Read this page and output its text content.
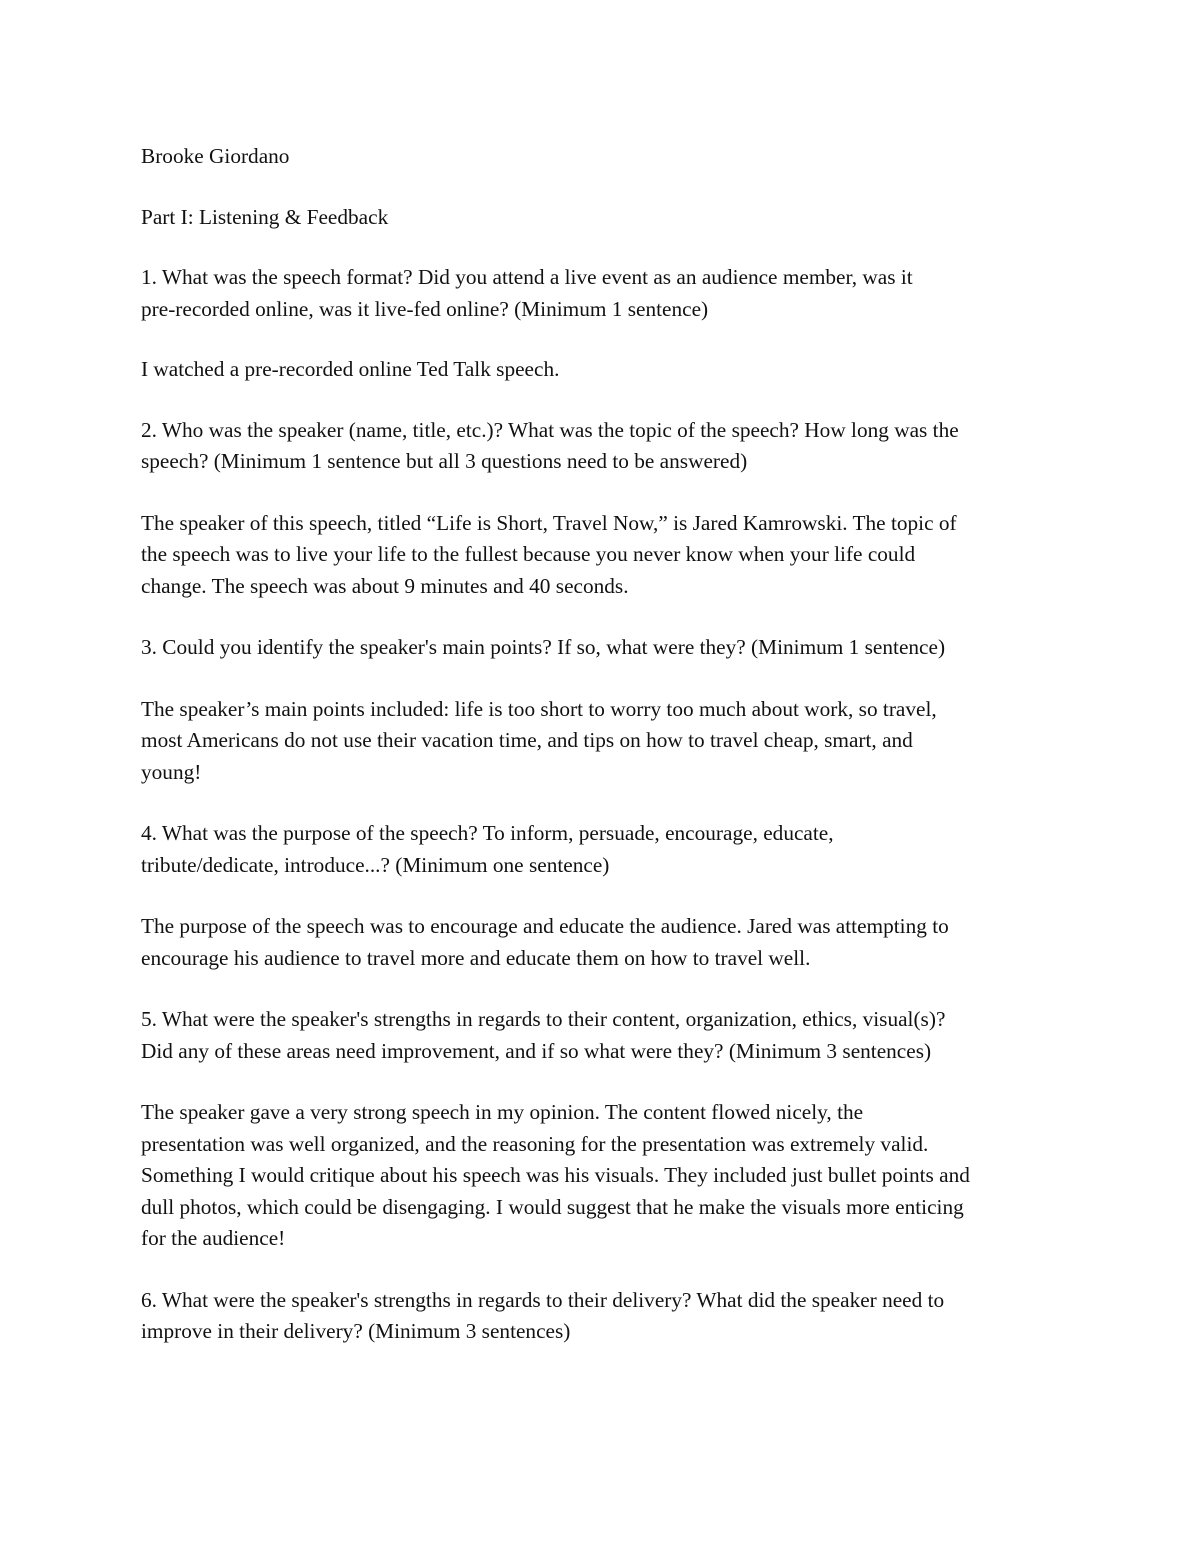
Brooke Giordano

Part I: Listening & Feedback

1. What was the speech format? Did you attend a live event as an audience member, was it
pre-recorded online, was it live-fed online? (Minimum 1 sentence)

I watched a pre-recorded online Ted Talk speech.

2. Who was the speaker (name, title, etc.)? What was the topic of the speech? How long was the
speech? (Minimum 1 sentence but all 3 questions need to be answered)
The speaker of this speech, titled “Life is Short, Travel Now,” is Jared Kamrowski. The topic of
the speech was to live your life to the fullest because you never know when your life could
change. The speech was about 9 minutes and 40 seconds.

3. Could you identify the speaker's main points? If so, what were they? (Minimum 1 sentence)

The speaker’s main points included: life is too short to worry too much about work, so travel,
most Americans do not use their vacation time, and tips on how to travel cheap, smart, and
young!
4. What was the purpose of the speech? To inform, persuade, encourage, educate,
tribute/dedicate, introduce...? (Minimum one sentence)
The purpose of the speech was to encourage and educate the audience. Jared was attempting to
encourage his audience to travel more and educate them on how to travel well.
5. What were the speaker's strengths in regards to their content, organization, ethics, visual(s)?
Did any of these areas need improvement, and if so what were they? (Minimum 3 sentences)
The speaker gave a very strong speech in my opinion. The content flowed nicely, the
presentation was well organized, and the reasoning for the presentation was extremely valid.
Something I would critique about his speech was his visuals. They included just bullet points and
dull photos, which could be disengaging. I would suggest that he make the visuals more enticing
for the audience!
6. What were the speaker's strengths in regards to their delivery? What did the speaker need to
improve in their delivery? (Minimum 3 sentences)
